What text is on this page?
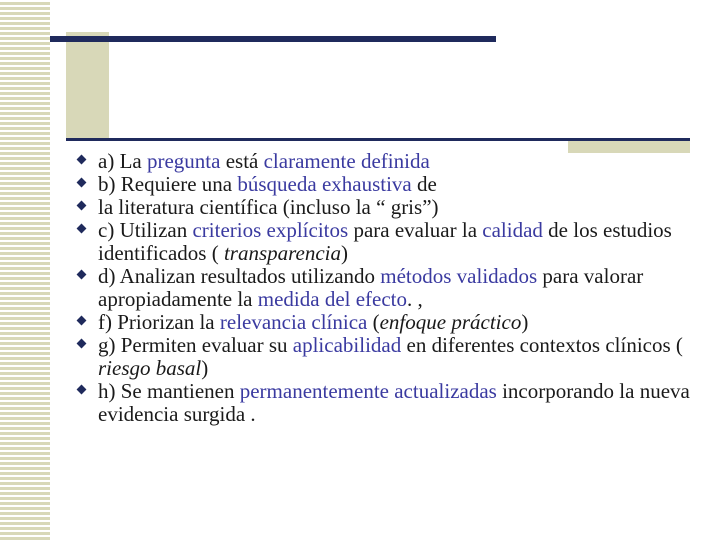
a) La pregunta está claramente definida
b) Requiere una búsqueda exhaustiva de
la literatura científica (incluso la “ gris”)
c) Utilizan criterios explícitos para evaluar la calidad de los estudios identificados ( transparencia)
d) Analizan resultados utilizando métodos validados para valorar apropiadamente la medida del efecto. ,
f) Priorizan la relevancia clínica (enfoque práctico)
g) Permiten evaluar su aplicabilidad en diferentes contextos clínicos ( riesgo basal)
h) Se mantienen permanentemente actualizadas incorporando la nueva evidencia surgida .
